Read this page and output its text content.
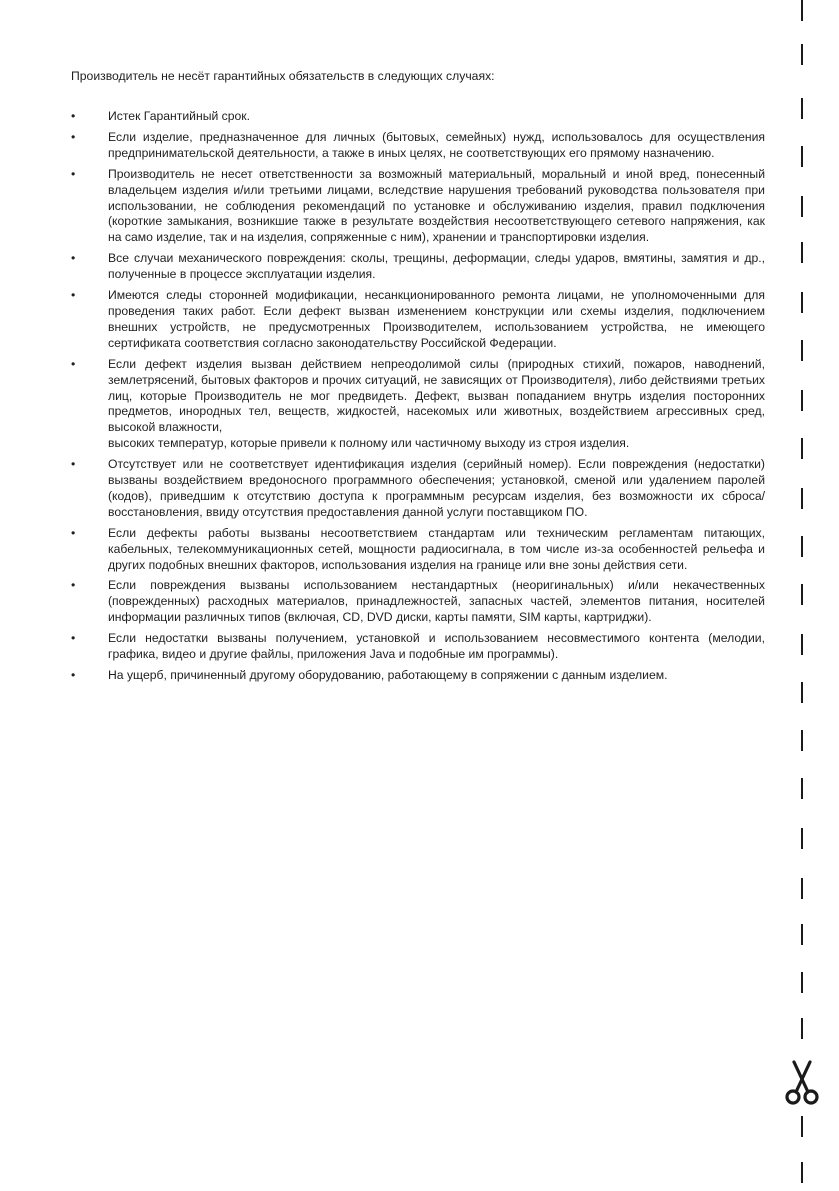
Производитель не несёт гарантийных обязательств в следующих случаях:

•	Истек Гарантийный срок.
•	Если изделие, предназначенное для личных (бытовых, семейных) нужд, использовалось для осуществления предпринимательской деятельности, а также в иных целях, не соответствующих его прямому назначению.
•	Производитель не несет ответственности за возможный материальный, моральный и иной вред, понесенный владельцем изделия и/или третьими лицами, вследствие нарушения требований руководства пользователя при использовании, не соблюдения рекомендаций по установке и обслуживанию изделия, правил подключения (короткие замыкания, возникшие также в результате воздействия несоответствующего сетевого напряжения, как на само изделие, так и на изделия, сопряженные с ним), хранении и транспортировки изделия.
•	Все случаи механического повреждения: сколы, трещины, деформации, следы ударов, вмятины, замятия и др., полученные в процессе эксплуатации изделия.
•	Имеются следы сторонней модификации, несанкционированного ремонта лицами, не уполномоченными для проведения таких работ. Если дефект вызван изменением конструкции или схемы изделия, подключением внешних устройств, не предусмотренных Производителем, использованием устройства, не имеющего сертификата соответствия согласно законодательству Российской Федерации.
•	Если дефект изделия вызван действием непреодолимой силы (природных стихий, пожаров, наводнений, землетрясений, бытовых факторов и прочих ситуаций, не зависящих от Производителя), либо действиями третьих лиц, которые Производитель не мог предвидеть. Дефект, вызван попаданием внутрь изделия посторонних предметов, инородных тел, веществ, жидкостей, насекомых или животных, воздействием агрессивных сред, высокой влажности,
высоких температур, которые привели к полному или частичному выходу из строя изделия.
•	Отсутствует или не соответствует идентификация изделия (серийный номер). Если повреждения (недостатки) вызваны воздействием вредоносного программного обеспечения; установкой, сменой или удалением паролей (кодов), приведшим к отсутствию доступа к программным ресурсам изделия, без возможности их сброса/восстановления, ввиду отсутствия предоставления данной услуги поставщиком ПО.
•	Если дефекты работы вызваны несоответствием стандартам или техническим регламентам питающих, кабельных, телекоммуникационных сетей, мощности радиосигнала, в том числе из-за особенностей рельефа и других подобных внешних факторов, использования изделия на границе или вне зоны действия сети.
•	Если повреждения вызваны использованием нестандартных (неоригинальных) и/или некачественных (поврежденных) расходных материалов, принадлежностей, запасных частей, элементов питания, носителей информации различных типов (включая, CD, DVD диски, карты памяти, SIM карты, картриджи).
•	Если недостатки вызваны получением, установкой и использованием несовместимого контента (мелодии, графика, видео и другие файлы, приложения Java и подобные им программы).
•	На ущерб, причиненный другому оборудованию, работающему в сопряжении с данным изделием.
